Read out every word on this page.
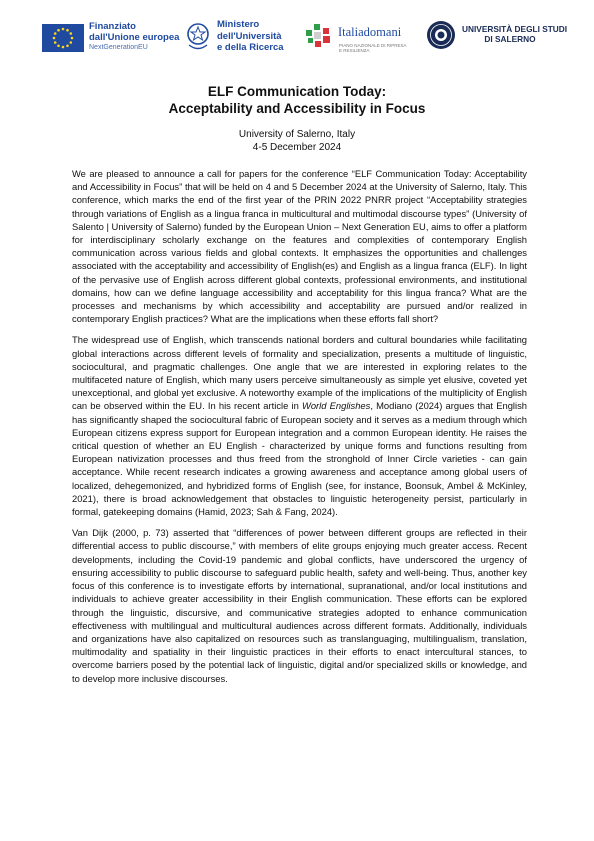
Finanziato
dall'Unione europea
NextGenerationEU
Ministero
dell'Università
e della Ricerca
Italiadomani
PIANO NAZIONALE DI RIPRESA E RESILIENZA
UNIVERSITÀ DEGLI STUDI
DI SALERNO
ELF Communication Today:
Acceptability and Accessibility in Focus
University of Salerno, Italy
4-5 December 2024

We are pleased to announce a call for papers for the conference “ELF Communication Today: Acceptability and Accessibility in Focus” that will be held on 4 and 5 December 2024 at the University of Salerno, Italy. This conference, which marks the end of the first year of the PRIN 2022 PNRR project “Acceptability strategies through variations of English as a lingua franca in multicultural and multimodal discourse types” (University of Salento | University of Salerno) funded by the European Union – Next Generation EU, aims to offer a platform for interdisciplinary scholarly exchange on the features and complexities of contemporary English communication across various fields and global contexts. It emphasizes the opportunities and challenges associated with the acceptability and accessibility of English(es) and English as a lingua franca (ELF). In light of the pervasive use of English across different global contexts, professional environments, and institutional domains, how can we define language accessibility and acceptability for this lingua franca? What are the processes and mechanisms by which accessibility and acceptability are pursued and/or realized in contemporary English practices? What are the implications when these efforts fall short?

The widespread use of English, which transcends national borders and cultural boundaries while facilitating global interactions across different levels of formality and specialization, presents a multitude of linguistic, sociocultural, and pragmatic challenges. One angle that we are interested in exploring relates to the multifaceted nature of English, which many users perceive simultaneously as simple yet elusive, coveted yet unexceptional, and global yet exclusive. A noteworthy example of the implications of the multiplicity of English can be observed within the EU. In his recent article in World Englishes, Modiano (2024) argues that English has significantly shaped the sociocultural fabric of European society and it serves as a medium through which European citizens express support for European integration and a common European identity. He raises the critical question of whether an EU English - characterized by unique forms and functions resulting from European nativization processes and thus freed from the stronghold of Inner Circle varieties - can gain acceptance. While recent research indicates a growing awareness and acceptance among global users of localized, dehegemonized, and hybridized forms of English (see, for instance, Boonsuk, Ambel & McKinley, 2021), there is broad acknowledgement that obstacles to linguistic heterogeneity persist, particularly in formal, gatekeeping domains (Hamid, 2023; Sah & Fang, 2024).

Van Dijk (2000, p. 73) asserted that “differences of power between different groups are reflected in their differential access to public discourse,” with members of elite groups enjoying much greater access. Recent developments, including the Covid-19 pandemic and global conflicts, have underscored the urgency of ensuring accessibility to public discourse to safeguard public health, safety and well-being. Thus, another key focus of this conference is to investigate efforts by international, supranational, and/or local institutions and individuals to achieve greater accessibility in their English communication. These efforts can be explored through the linguistic, discursive, and communicative strategies adopted to enhance communication effectiveness with multilingual and multicultural audiences across different formats. Additionally, individuals and organizations have also capitalized on resources such as translanguaging, multilingualism, translation, multimodality and spatiality in their linguistic practices in their efforts to enact intercultural stances, to overcome barriers posed by the potential lack of linguistic, digital and/or specialized skills or knowledge, and to develop more inclusive discourses.
